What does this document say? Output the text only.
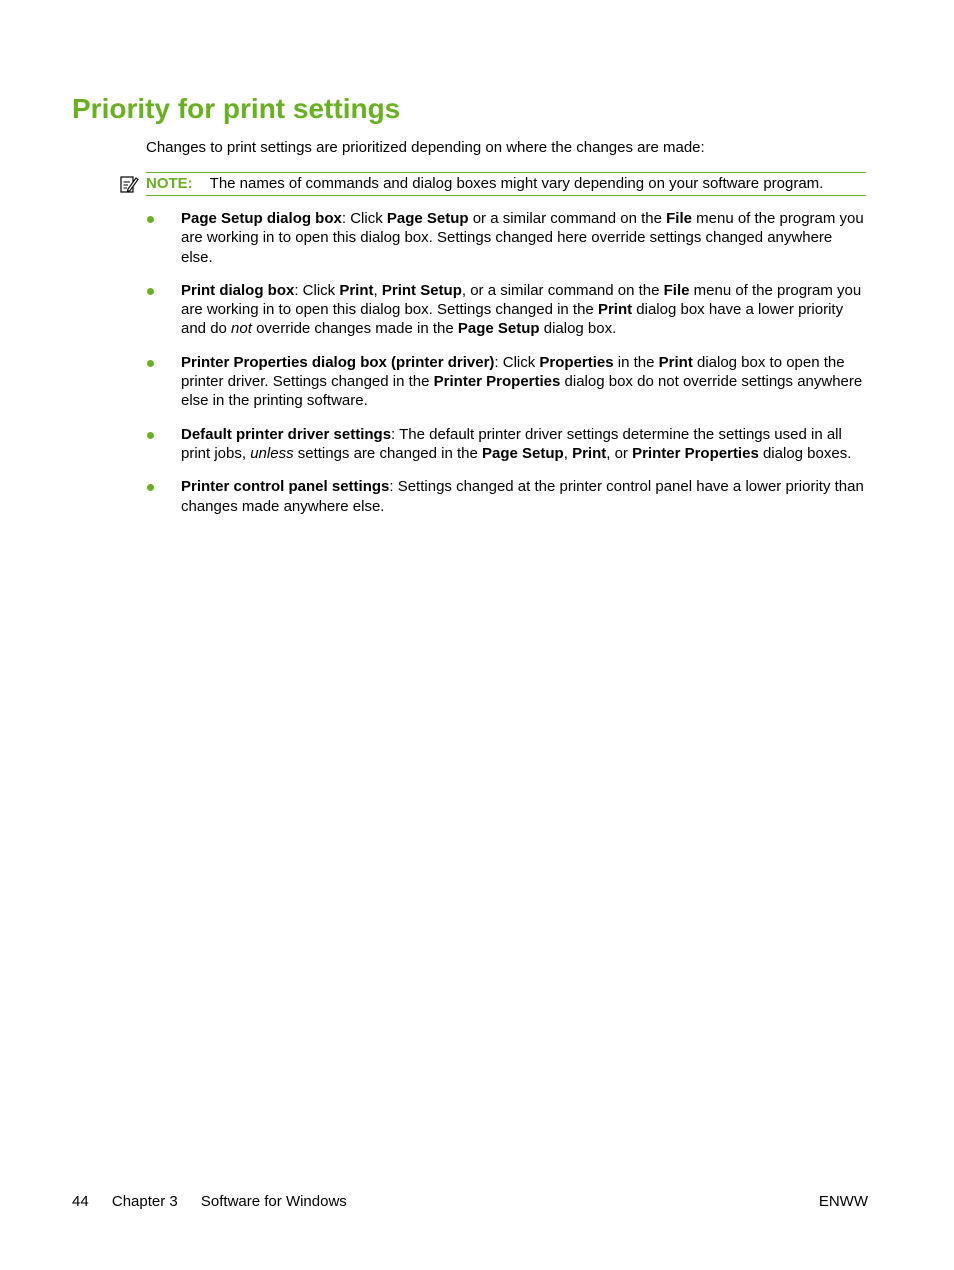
Priority for print settings

Changes to print settings are prioritized depending on where the changes are made:

NOTE: The names of commands and dialog boxes might vary depending on your software program.
Page Setup dialog box: Click Page Setup or a similar command on the File menu of the program you are working in to open this dialog box. Settings changed here override settings changed anywhere else.
Print dialog box: Click Print, Print Setup, or a similar command on the File menu of the program you are working in to open this dialog box. Settings changed in the Print dialog box have a lower priority and do not override changes made in the Page Setup dialog box.
Printer Properties dialog box (printer driver): Click Properties in the Print dialog box to open the printer driver. Settings changed in the Printer Properties dialog box do not override settings anywhere else in the printing software.
Default printer driver settings: The default printer driver settings determine the settings used in all print jobs, unless settings are changed in the Page Setup, Print, or Printer Properties dialog boxes.
Printer control panel settings: Settings changed at the printer control panel have a lower priority than changes made anywhere else.
44 Chapter 3 Software for Windows	ENWW
